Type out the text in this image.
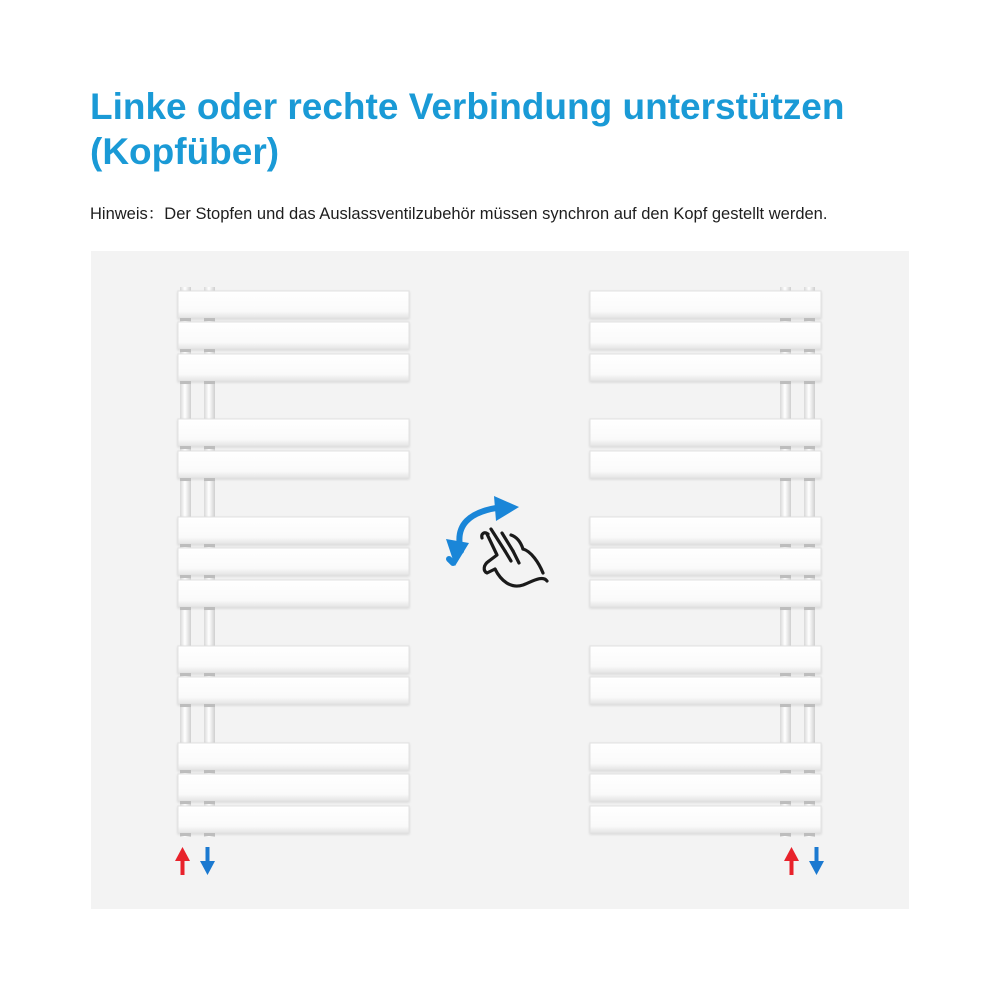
Linke oder rechte Verbindung unterstützen
(Kopfüber)
Hinweis：Der Stopfen und das Auslassventilzubehör müssen synchron auf den Kopf gestellt werden.
